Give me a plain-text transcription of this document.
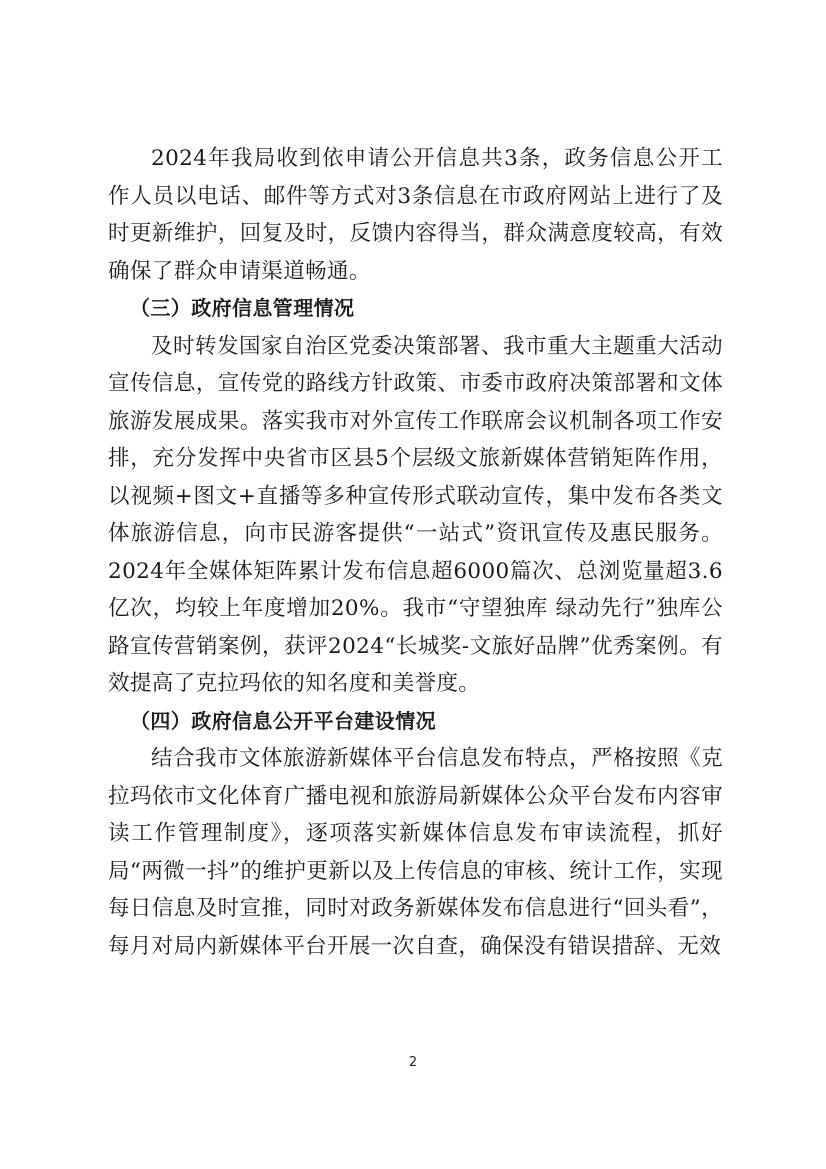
2024年我局收到依申请公开信息共3条，政务信息公开工作人员以电话、邮件等方式对3条信息在市政府网站上进行了及时更新维护，回复及时，反馈内容得当，群众满意度较高，有效确保了群众申请渠道畅通。

（三）政府信息管理情况

及时转发国家自治区党委决策部署、我市重大主题重大活动宣传信息，宣传党的路线方针政策、市委市政府决策部署和文体旅游发展成果。落实我市对外宣传工作联席会议机制各项工作安排，充分发挥中央省市区县5个层级文旅新媒体营销矩阵作用，以视频+图文+直播等多种宣传形式联动宣传，集中发布各类文体旅游信息，向市民游客提供“一站式”资讯宣传及惠民服务。2024年全媒体矩阵累计发布信息超6000篇次、总浏览量超3.6亿次，均较上年度增加20%。我市“守望独库 绿动先行”独库公路宣传营销案例，获评2024“长城奖-文旅好品牌”优秀案例。有效提高了克拉玛依的知名度和美誉度。

（四）政府信息公开平台建设情况

结合我市文体旅游新媒体平台信息发布特点，严格按照《克拉玛依市文化体育广播电视和旅游局新媒体公众平台发布内容审读工作管理制度》，逐项落实新媒体信息发布审读流程，抓好局“两微一抖”的维护更新以及上传信息的审核、统计工作，实现每日信息及时宣推，同时对政务新媒体发布信息进行“回头看”，每月对局内新媒体平台开展一次自查，确保没有错误措辞、无效

2
